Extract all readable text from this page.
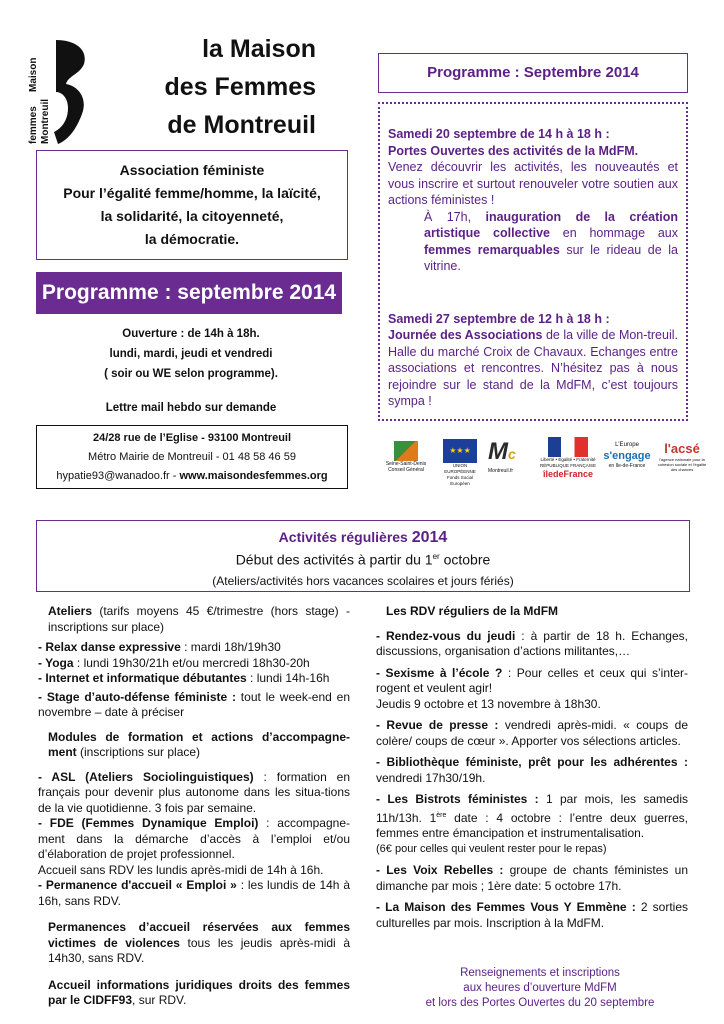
Montreuil
femmes
Maison
la Maison
des Femmes
de Montreuil
Association féministe
Pour l’égalité femme/homme, la laïcité,
la solidarité, la citoyenneté,
la démocratie.
Programme : septembre 2014
Ouverture : de 14h à 18h.
lundi, mardi, jeudi et vendredi
( soir ou WE selon programme).
Lettre mail hebdo sur demande
24/28 rue de l’Eglise - 93100 Montreuil
Métro Mairie de Montreuil - 01 48 58 46 59
hypatie93@wanadoo.fr - www.maisondesfemmes.org
Programme : Septembre 2014
Samedi 20 septembre de 14 h à 18 h :
Portes Ouvertes des activités de la MdFM.
Venez découvrir les activités, les nouveautés et vous inscrire et surtout renouveler votre soutien aux actions féministes !
À 17h, inauguration de la création artistique collective en hommage aux femmes remarquables sur le rideau de la vitrine.
Samedi 27 septembre de 12 h à 18 h :
Journée des Associations de la ville de Mon-treuil. Halle du marché Croix de Chavaux. Echanges entre associations et rencontres. N’hésitez pas à nous rejoindre sur le stand de la MdFM, c’est toujours sympa !
Seine-Saint-Denis Conseil Général
★★★
UNION EUROPÉENNE
Fonds Social Européen
Mc
Montreuil.fr
Liberté • Égalité • Fraternité
RÉPUBLIQUE FRANÇAISE
îledeFrance
L'Europe
s'engage
en Ile-de-France
l'acsé
l'agence nationale pour la cohésion sociale et l'égalité des chances
Activités régulières 2014
Début des activités à partir du 1er octobre
(Ateliers/activités hors vacances scolaires et jours fériés)

Ateliers (tarifs moyens 45 €/trimestre (hors stage) - inscriptions sur place)

- Relax danse expressive : mardi 18h/19h30

- Yoga : lundi 19h30/21h et/ou mercredi 18h30-20h

- Internet et informatique débutantes : lundi 14h-16h

- Stage d’auto-défense féministe : tout le week-end en novembre – date à préciser

Modules de formation et actions d’accompagne-ment (inscriptions sur place)

- ASL (Ateliers Sociolinguistiques) : formation en français pour devenir plus autonome dans les situa-tions de la vie quotidienne. 3 fois par semaine.

- FDE (Femmes Dynamique Emploi) : accompagne-ment dans la démarche d’accès à l’emploi et/ou d’élaboration de projet professionnel.

Accueil sans RDV les lundis après-midi de 14h à 16h.

- Permanence d'accueil « Emploi » : les lundis de 14h à 16h, sans RDV.

Permanences d’accueil réservées aux femmes victimes de violences tous les jeudis après-midi à 14h30, sans RDV.

Accueil informations juridiques droits des femmes par le CIDFF93, sur RDV.

Les RDV réguliers de la MdFM

- Rendez-vous du jeudi : à partir de 18 h. Echanges, discussions, organisation d’actions militantes,…

- Sexisme à l’école ? : Pour celles et ceux qui s’inter-rogent et veulent agir!

Jeudis 9 octobre et 13 novembre à 18h30.

- Revue de presse : vendredi après-midi. « coups de colère/ coups de cœur ». Apporter vos sélections articles.

- Bibliothèque féministe, prêt pour les adhérentes : vendredi 17h30/19h.

- Les Bistrots féministes : 1 par mois, les samedis 11h/13h. 1ère date : 4 octobre : l’entre deux guerres, femmes entre émancipation et instrumentalisation.

(6€ pour celles qui veulent rester pour le repas)

- Les Voix Rebelles : groupe de chants féministes un dimanche par mois ; 1ère date: 5 octobre 17h.

- La Maison des Femmes Vous Y Emmène : 2 sorties culturelles par mois. Inscription à la MdFM.

Renseignements et inscriptions
aux heures d’ouverture MdFM
et lors des Portes Ouvertes du 20 septembre
